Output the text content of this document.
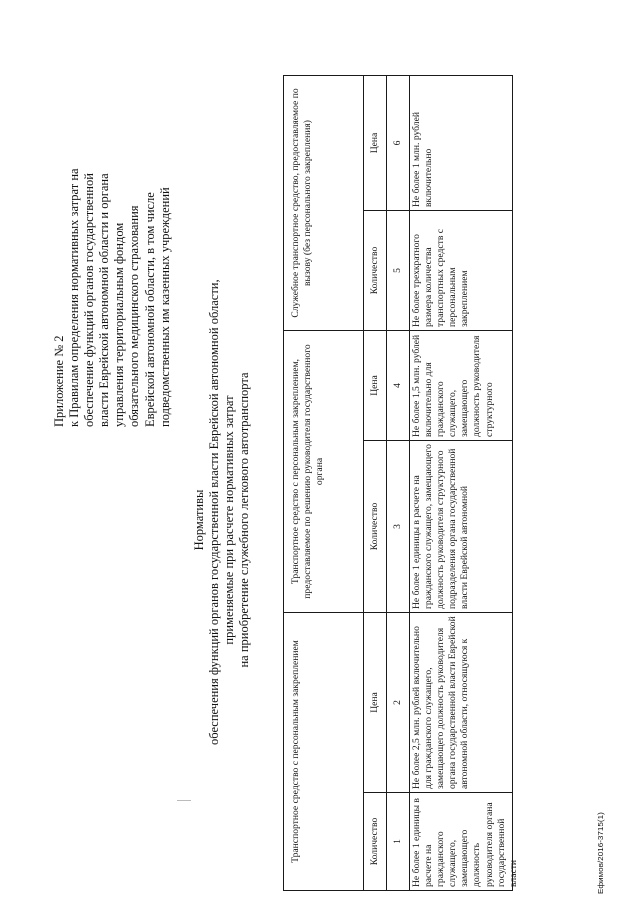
Приложение № 2 к Правилам определения нормативных затрат на обеспечение функций органов государственной власти Еврейской автономной области и органа управления территориальным фондом обязательного медицинского страхования Еврейской автономной области, в том числе подведомственных им казенных учреждений
Нормативы обеспечения функций органов государственной власти Еврейской автономной области, применяемые при расчете нормативных затрат на приобретение служебного легкового автотранспорта
Транспортное средство с персональным закреплением		Транспортное средство с персональным закреплением, предоставляемое по решению руководителя государственного органа		Служебное транспортное средство, предоставляемое по вызову (без персонального закрепления)	
Количество	Цена	Количество	Цена	Количество	Цена
1	2	3	4	5	6

Не более 1 единицы в расчете на гражданского служащего, замещающего должность руководителя органа государственной власти	Не более 2,5 млн. рублей включительно для гражданского служащего, замещающего должность руководителя органа государственной власти Еврейской автономной области, относящуюся к	Не более 1 единицы в расчете на гражданского служащего, замещающего должность руководителя структурного подразделения органа государственной власти Еврейской автономной	Не более 1,5 млн. рублей включительно для гражданского служащего, замещающего должность руководителя структурного	Не более трехкратного размера количества транспортных средств с персональным закреплением	Не более 1 млн. рублей включительно
Ефимов/2016-3715(1)
